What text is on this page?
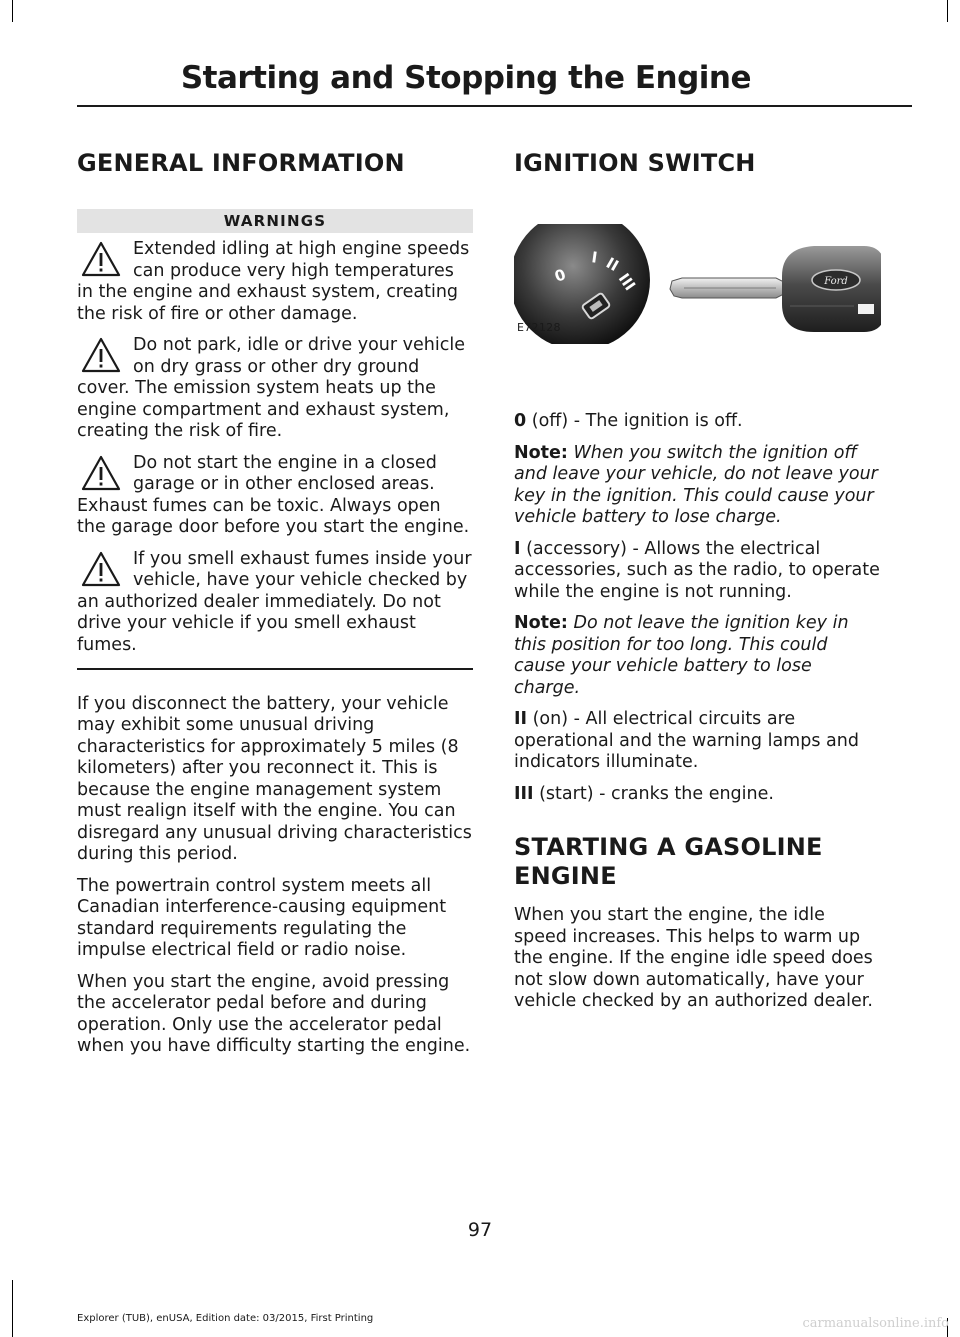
Starting and Stopping the Engine
GENERAL INFORMATION
WARNINGS
Extended idling at high engine speeds can produce very high temperatures in the engine and exhaust system, creating the risk of fire or other damage.
Do not park, idle or drive your vehicle on dry grass or other dry ground cover. The emission system heats up the engine compartment and exhaust system, creating the risk of fire.
Do not start the engine in a closed garage or in other enclosed areas. Exhaust fumes can be toxic. Always open the garage door before you start the engine.
If you smell exhaust fumes inside your vehicle, have your vehicle checked by an authorized dealer immediately. Do not drive your vehicle if you smell exhaust fumes.

If you disconnect the battery, your vehicle may exhibit some unusual driving characteristics for approximately 5 miles (8 kilometers) after you reconnect it. This is because the engine management system must realign itself with the engine. You can disregard any unusual driving characteristics during this period.

The powertrain control system meets all Canadian interference-causing equipment standard requirements regulating the impulse electrical field or radio noise.

When you start the engine, avoid pressing the accelerator pedal before and during operation. Only use the accelerator pedal when you have difficulty starting the engine.

IGNITION SWITCH
0
I II
III	Ford
E72128

0 (off) - The ignition is off.

Note: When you switch the ignition off and leave your vehicle, do not leave your key in the ignition. This could cause your vehicle battery to lose charge.

I (accessory) - Allows the electrical accessories, such as the radio, to operate while the engine is not running.

Note: Do not leave the ignition key in this position for too long. This could cause your vehicle battery to lose charge.

II (on) - All electrical circuits are operational and the warning lamps and indicators illuminate.

III (start) - cranks the engine.

STARTING A GASOLINE
ENGINE

When you start the engine, the idle speed increases. This helps to warm up the engine. If the engine idle speed does not slow down automatically, have your vehicle checked by an authorized dealer.

97
Explorer (TUB), enUSA, Edition date: 03/2015, First Printing	carmanualsonline.info
